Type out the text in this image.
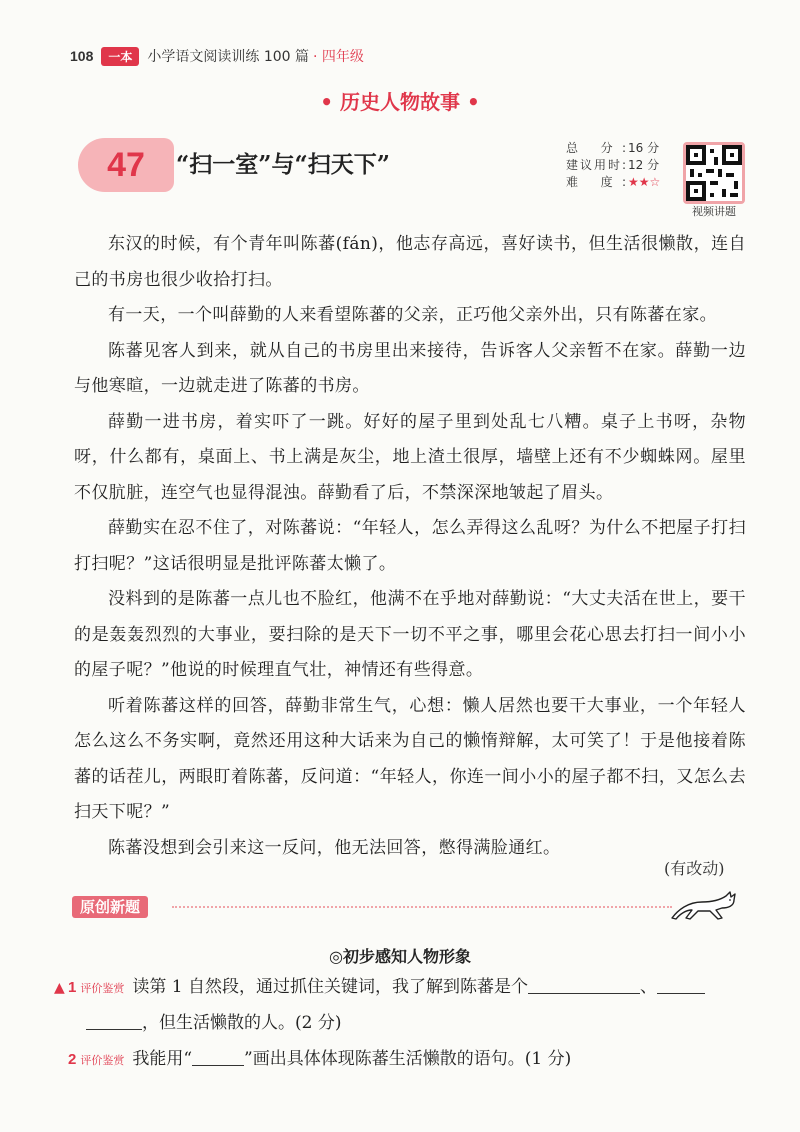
108	一本	小学语文阅读训练 100 篇 · 四年级
• 历史人物故事 •
47	“扫一室”与“扫天下”
总 分: 16 分
建议用时: 12 分
难 度: ★★☆
视频讲题

东汉的时候，有个青年叫陈蕃(fán)，他志存高远，喜好读书，但生活很懒散，连自己的书房也很少收拾打扫。

有一天，一个叫薛勤的人来看望陈蕃的父亲，正巧他父亲外出，只有陈蕃在家。

陈蕃见客人到来，就从自己的书房里出来接待，告诉客人父亲暂不在家。薛勤一边与他寒暄，一边就走进了陈蕃的书房。

薛勤一进书房，着实吓了一跳。好好的屋子里到处乱七八糟。桌子上书呀，杂物呀，什么都有，桌面上、书上满是灰尘，地上渣土很厚，墙壁上还有不少蜘蛛网。屋里不仅肮脏，连空气也显得混浊。薛勤看了后，不禁深深地皱起了眉头。

薛勤实在忍不住了，对陈蕃说：“年轻人，怎么弄得这么乱呀？为什么不把屋子打扫打扫呢？”这话很明显是批评陈蕃太懒了。

没料到的是陈蕃一点儿也不脸红，他满不在乎地对薛勤说：“大丈夫活在世上，要干的是轰轰烈烈的大事业，要扫除的是天下一切不平之事，哪里会花心思去打扫一间小小的屋子呢？”他说的时候理直气壮，神情还有些得意。

听着陈蕃这样的回答，薛勤非常生气，心想：懒人居然也要干大事业，一个年轻人怎么这么不务实啊，竟然还用这种大话来为自己的懒惰辩解，太可笑了！于是他接着陈蕃的话茬儿，两眼盯着陈蕃，反问道：“年轻人，你连一间小小的屋子都不扫，又怎么去扫天下呢？”

陈蕃没想到会引来这一反问，他无法回答，憋得满脸通红。

(有改动)
原创新题
◎初步感知人物形象
▲ 1 评价鉴赏 读第 1 自然段，通过抓住关键词，我了解到陈蕃是个	、
，但生活懒散的人。(2 分)
2 评价鉴赏 我能用“	”画出具体体现陈蕃生活懒散的语句。(1 分)
